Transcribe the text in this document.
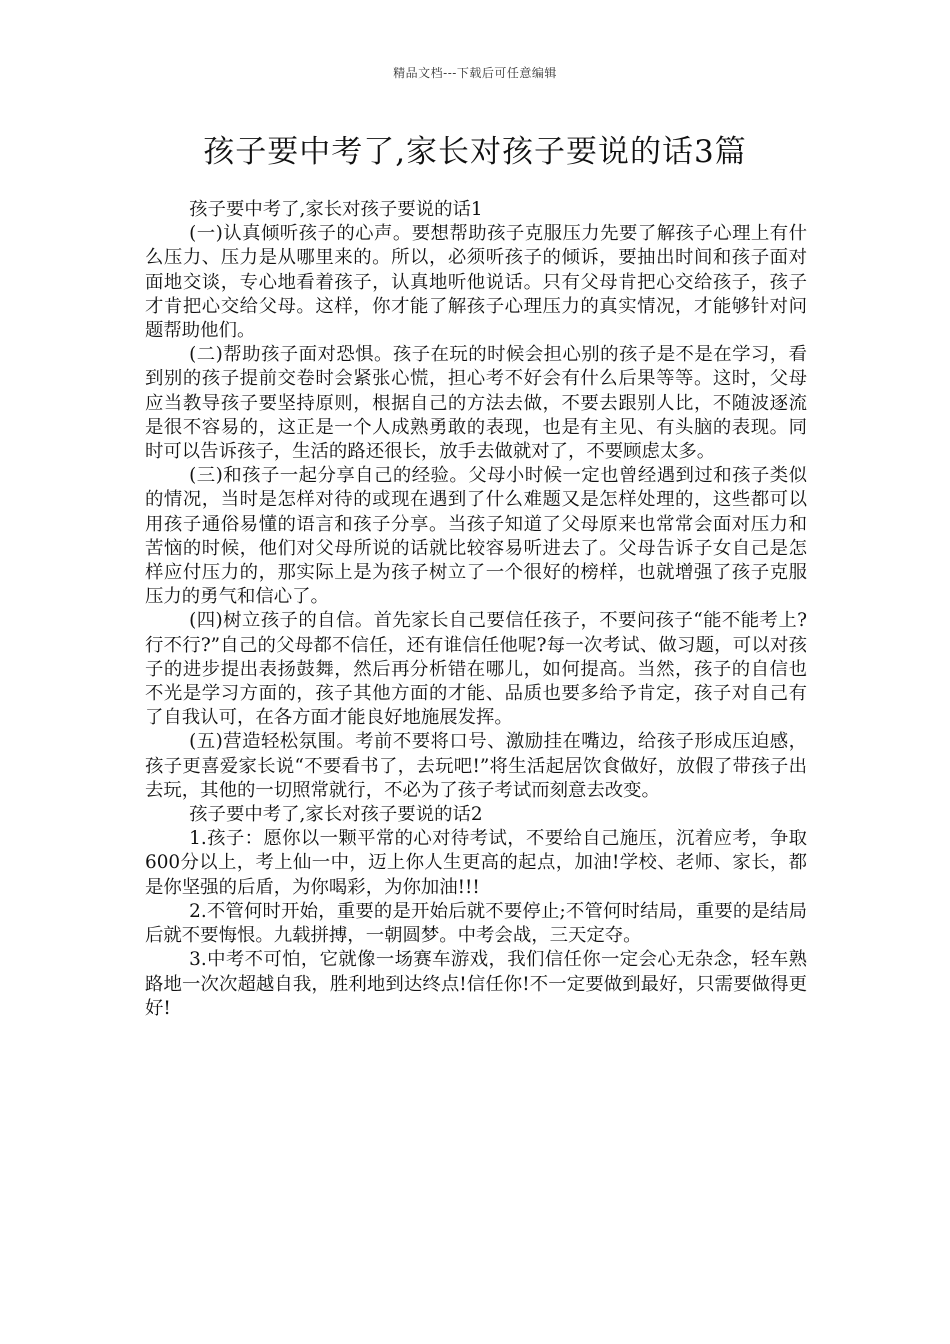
精品文档---下载后可任意编辑
孩子要中考了,家长对孩子要说的话3篇

孩子要中考了,家长对孩子要说的话1

(一)认真倾听孩子的心声。要想帮助孩子克服压力先要了解孩子心理上有什么压力、压力是从哪里来的。所以，必须听孩子的倾诉，要抽出时间和孩子面对面地交谈，专心地看着孩子，认真地听他说话。只有父母肯把心交给孩子，孩子才肯把心交给父母。这样，你才能了解孩子心理压力的真实情况，才能够针对问题帮助他们。

(二)帮助孩子面对恐惧。孩子在玩的时候会担心别的孩子是不是在学习，看到别的孩子提前交卷时会紧张心慌，担心考不好会有什么后果等等。这时，父母应当教导孩子要坚持原则，根据自己的方法去做，不要去跟别人比，不随波逐流是很不容易的，这正是一个人成熟勇敢的表现，也是有主见、有头脑的表现。同时可以告诉孩子，生活的路还很长，放手去做就对了，不要顾虑太多。

(三)和孩子一起分享自己的经验。父母小时候一定也曾经遇到过和孩子类似的情况，当时是怎样对待的或现在遇到了什么难题又是怎样处理的，这些都可以用孩子通俗易懂的语言和孩子分享。当孩子知道了父母原来也常常会面对压力和苦恼的时候，他们对父母所说的话就比较容易听进去了。父母告诉子女自己是怎样应付压力的，那实际上是为孩子树立了一个很好的榜样，也就增强了孩子克服压力的勇气和信心了。

(四)树立孩子的自信。首先家长自己要信任孩子，不要问孩子“能不能考上?行不行?”自己的父母都不信任，还有谁信任他呢?每一次考试、做习题，可以对孩子的进步提出表扬鼓舞，然后再分析错在哪儿，如何提高。当然，孩子的自信也不光是学习方面的，孩子其他方面的才能、品质也要多给予肯定，孩子对自己有了自我认可，在各方面才能良好地施展发挥。

(五)营造轻松氛围。考前不要将口号、激励挂在嘴边，给孩子形成压迫感，孩子更喜爱家长说“不要看书了，去玩吧!”将生活起居饮食做好，放假了带孩子出去玩，其他的一切照常就行，不必为了孩子考试而刻意去改变。

孩子要中考了,家长对孩子要说的话2

1.孩子：愿你以一颗平常的心对待考试，不要给自己施压，沉着应考，争取600分以上，考上仙一中，迈上你人生更高的起点，加油!学校、老师、家长，都是你坚强的后盾，为你喝彩，为你加油!!!

2.不管何时开始，重要的是开始后就不要停止;不管何时结局，重要的是结局后就不要悔恨。九载拼搏，一朝圆梦。中考会战，三天定夺。

3.中考不可怕，它就像一场赛车游戏，我们信任你一定会心无杂念，轻车熟路地一次次超越自我，胜利地到达终点!信任你!不一定要做到最好，只需要做得更好!
